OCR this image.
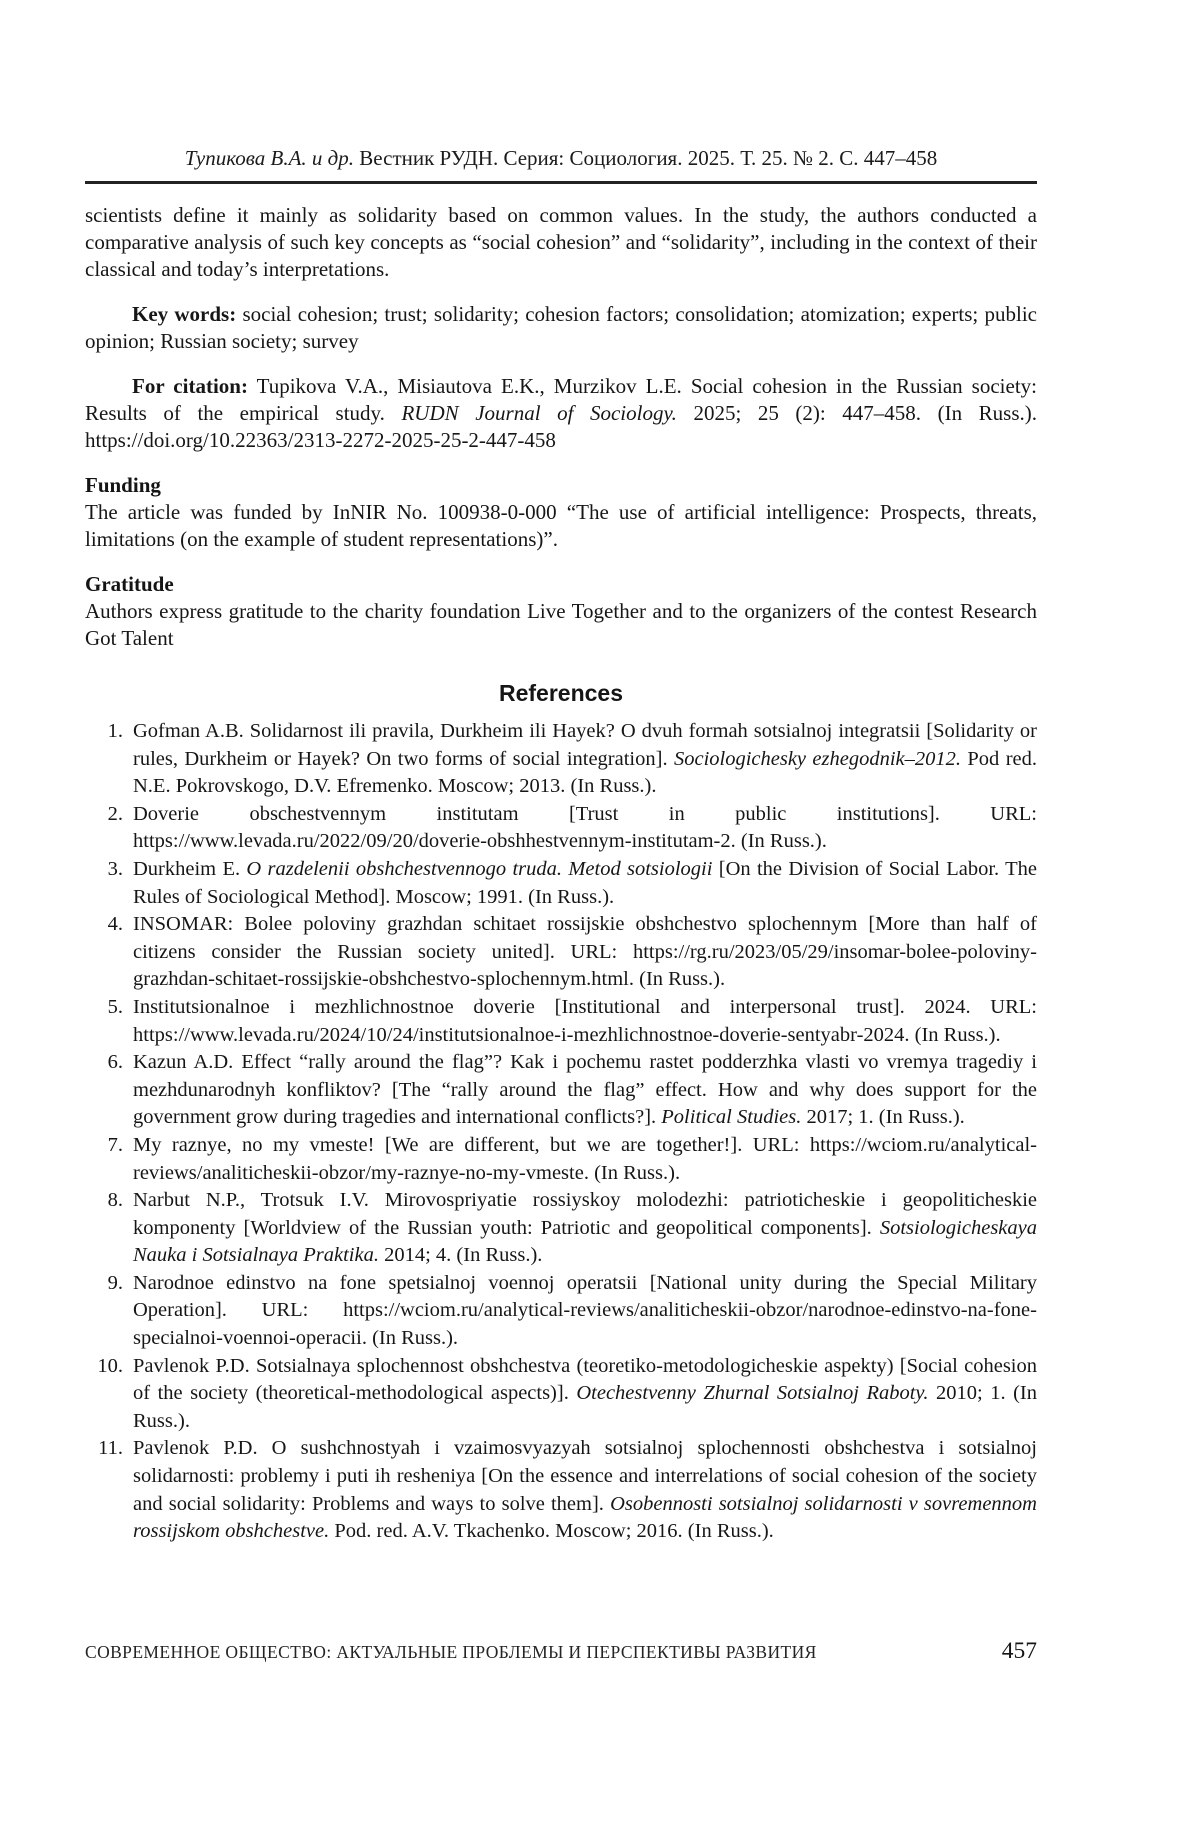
Тупикова В.А. и др. Вестник РУДН. Серия: Социология. 2025. Т. 25. № 2. С. 447–458

scientists define it mainly as solidarity based on common values. In the study, the authors conducted a comparative analysis of such key concepts as “social cohesion” and “solidarity”, including in the context of their classical and today’s interpretations.

Key words: social cohesion; trust; solidarity; cohesion factors; consolidation; atomization; experts; public opinion; Russian society; survey

For citation: Tupikova V.A., Misiautova E.K., Murzikov L.E. Social cohesion in the Russian society: Results of the empirical study. RUDN Journal of Sociology. 2025; 25 (2): 447–458. (In Russ.). https://doi.org/10.22363/2313-2272-2025-25-2-447-458

Funding

The article was funded by InNIR No. 100938-0-000 “The use of artificial intelligence: Prospects, threats, limitations (on the example of student representations)”.

Gratitude

Authors express gratitude to the charity foundation Live Together and to the organizers of the contest Research Got Talent

References
1. Gofman A.B. Solidarnost ili pravila, Durkheim ili Hayek? O dvuh formah sotsialnoj integratsii [Solidarity or rules, Durkheim or Hayek? On two forms of social integration]. Sociologichesky ezhegodnik–2012. Pod red. N.E. Pokrovskogo, D.V. Efremenko. Moscow; 2013. (In Russ.).
2. Doverie obschestvennym institutam [Trust in public institutions]. URL: https://www.levada.ru/2022/09/20/doverie-obshhestvennym-institutam-2. (In Russ.).
3. Durkheim E. O razdelenii obshchestvennogo truda. Metod sotsiologii [On the Division of Social Labor. The Rules of Sociological Method]. Moscow; 1991. (In Russ.).
4. INSOMAR: Bolee poloviny grazhdan schitaet rossijskie obshchestvo splochennym [More than half of citizens consider the Russian society united]. URL: https://rg.ru/2023/05/29/insomar-bolee-poloviny-grazhdan-schitaet-rossijskie-obshchestvo-splochennym.html. (In Russ.).
5. Institutsionalnoe i mezhlichnostnoe doverie [Institutional and interpersonal trust]. 2024. URL: https://www.levada.ru/2024/10/24/institutsionalnoe-i-mezhlichnostnoe-doverie-sentyabr-2024. (In Russ.).
6. Kazun A.D. Effect “rally around the flag”? Kak i pochemu rastet podderzhka vlasti vo vremya tragediy i mezhdunarodnyh konfliktov? [The “rally around the flag” effect. How and why does support for the government grow during tragedies and international conflicts?]. Political Studies. 2017; 1. (In Russ.).
7. My raznye, no my vmeste! [We are different, but we are together!]. URL: https://wciom.ru/analytical-reviews/analiticheskii-obzor/my-raznye-no-my-vmeste. (In Russ.).
8. Narbut N.P., Trotsuk I.V. Mirovospriyatie rossiyskoy molodezhi: patrioticheskie i geopoliticheskie komponenty [Worldview of the Russian youth: Patriotic and geopolitical components]. Sotsiologicheskaya Nauka i Sotsialnaya Praktika. 2014; 4. (In Russ.).
9. Narodnoe edinstvo na fone spetsialnoj voennoj operatsii [National unity during the Special Military Operation]. URL: https://wciom.ru/analytical-reviews/analiticheskii-obzor/narodnoe-edinstvo-na-fone-specialnoi-voennoi-operacii. (In Russ.).
10. Pavlenok P.D. Sotsialnaya splochennost obshchestva (teoretiko-metodologicheskie aspekty) [Social cohesion of the society (theoretical-methodological aspects)]. Otechestvenny Zhurnal Sotsialnoj Raboty. 2010; 1. (In Russ.).
11. Pavlenok P.D. O sushchnostyah i vzaimosvyazyah sotsialnoj splochennosti obshchestva i sotsialnoj solidarnosti: problemy i puti ih resheniya [On the essence and interrelations of social cohesion of the society and social solidarity: Problems and ways to solve them]. Osobennosti sotsialnoj solidarnosti v sovremennom rossijskom obshchestve. Pod. red. A.V. Tkachenko. Moscow; 2016. (In Russ.).
СОВРЕМЕННОЕ ОБЩЕСТВО: АКТУАЛЬНЫЕ ПРОБЛЕМЫ И ПЕРСПЕКТИВЫ РАЗВИТИЯ	457
